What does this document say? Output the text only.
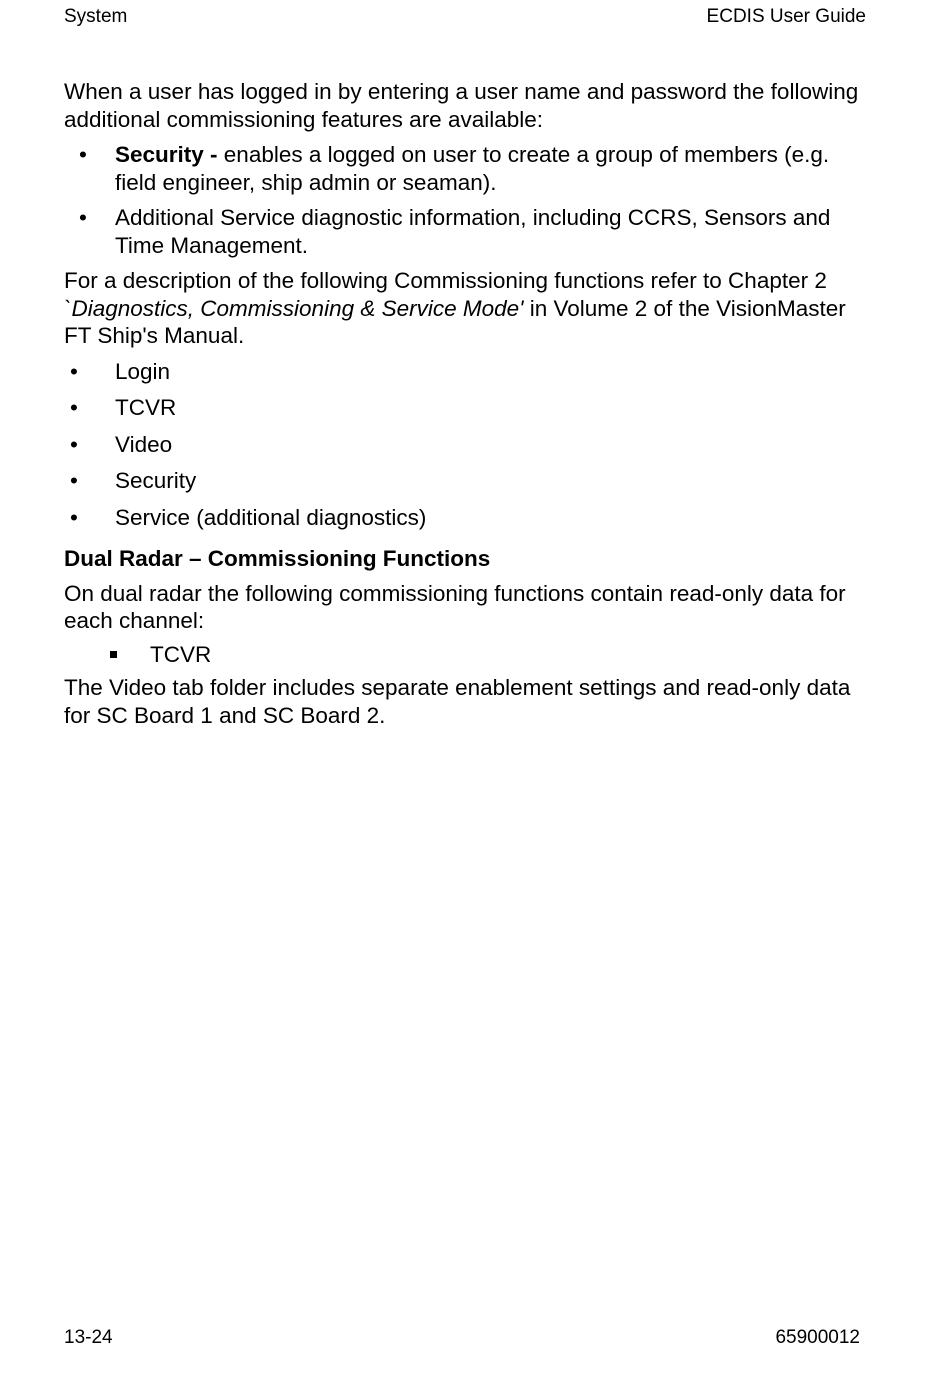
System	ECDIS User Guide

When a user has logged in by entering a user name and password the following additional commissioning features are available:

• Security - enables a logged on user to create a group of members (e.g. field engineer, ship admin or seaman).
• Additional Service diagnostic information, including CCRS, Sensors and Time Management.

For a description of the following Commissioning functions refer to Chapter 2 `Diagnostics, Commissioning & Service Mode' in Volume 2 of the VisionMaster FT Ship's Manual.

• Login
• TCVR
• Video
• Security
• Service (additional diagnostics)
Dual Radar – Commissioning Functions

On dual radar the following commissioning functions contain read-only data for each channel:

TCVR

The Video tab folder includes separate enablement settings and read-only data for SC Board 1 and SC Board 2.

13-24	65900012
